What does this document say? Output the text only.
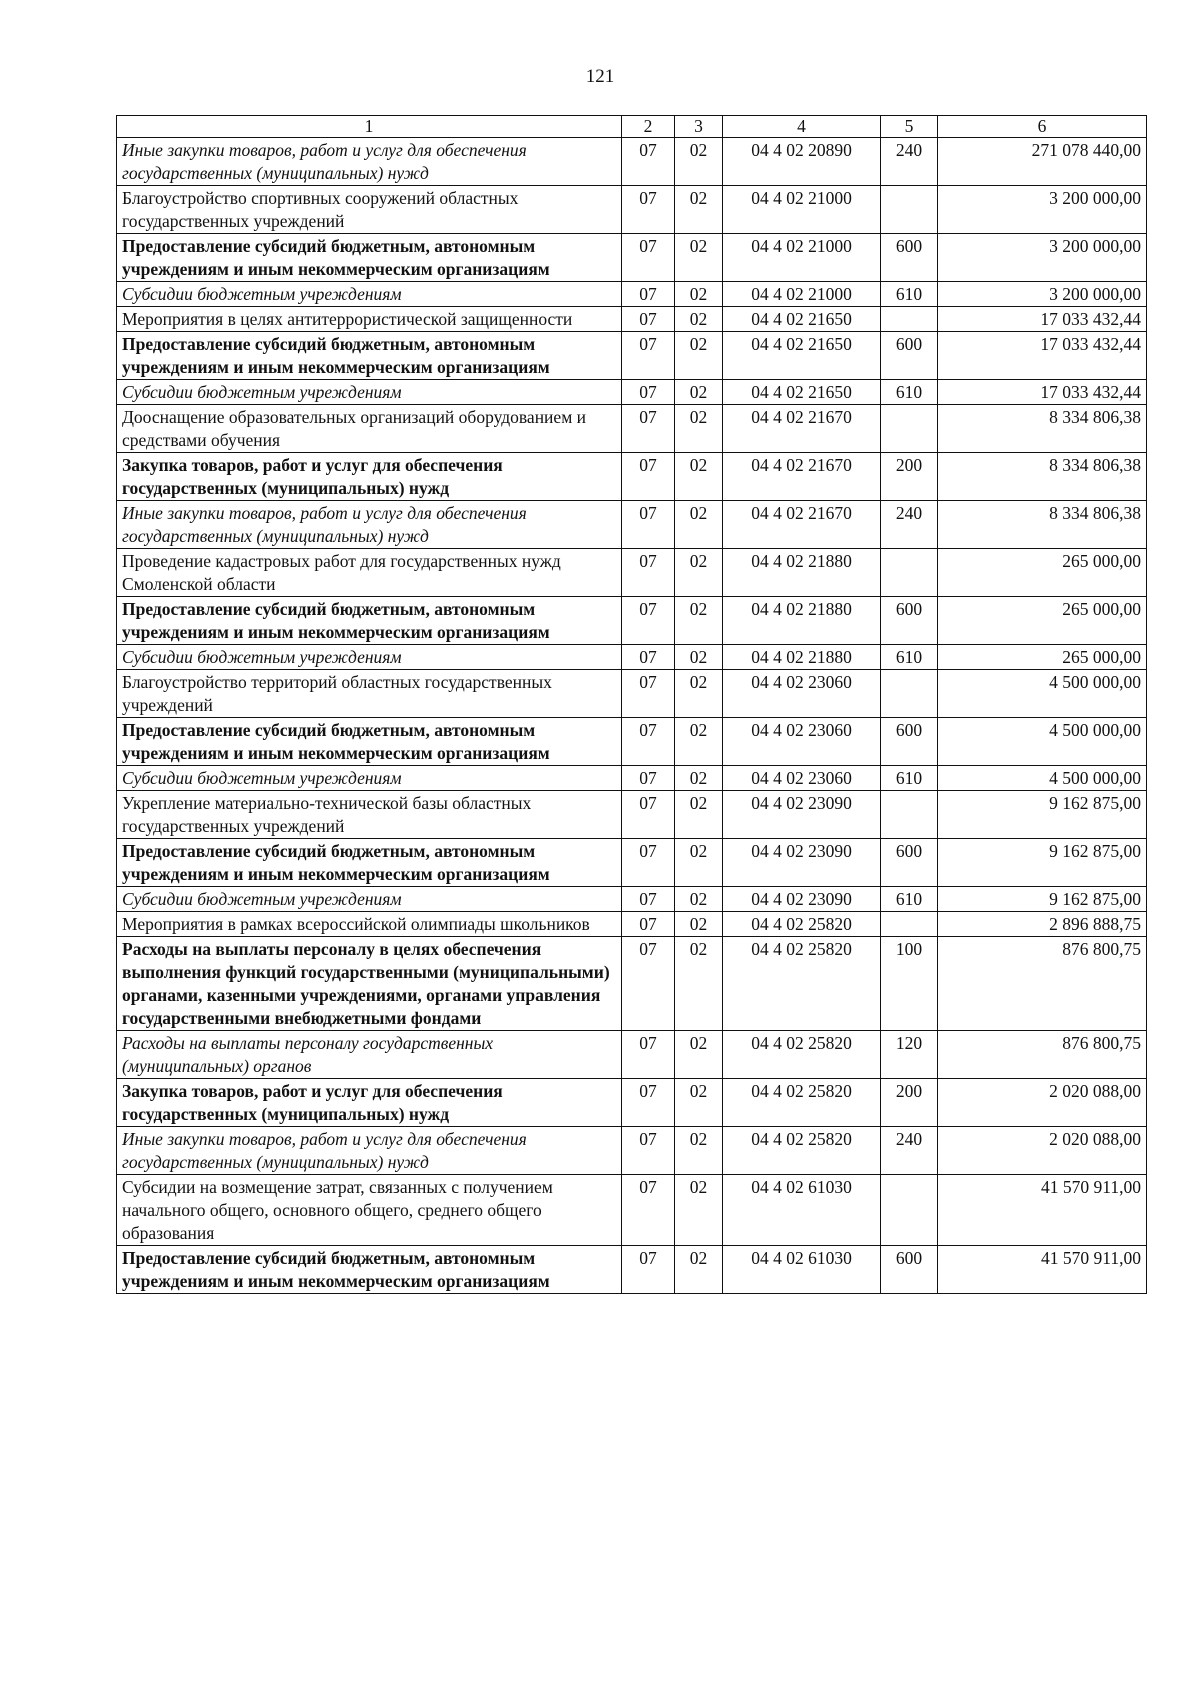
121
1	2	3	4	5	6
Иные закупки товаров, работ и услуг для обеспечения государственных (муниципальных) нужд	07	02	04 4 02 20890	240	271 078 440,00
Благоустройство спортивных сооружений областных государственных учреждений	07	02	04 4 02 21000		3 200 000,00
Предоставление субсидий бюджетным, автономным учреждениям и иным некоммерческим организациям	07	02	04 4 02 21000	600	3 200 000,00
Субсидии бюджетным учреждениям	07	02	04 4 02 21000	610	3 200 000,00
Мероприятия в целях антитеррористической защищенности	07	02	04 4 02 21650		17 033 432,44
Предоставление субсидий бюджетным, автономным учреждениям и иным некоммерческим организациям	07	02	04 4 02 21650	600	17 033 432,44
Субсидии бюджетным учреждениям	07	02	04 4 02 21650	610	17 033 432,44
Дооснащение образовательных организаций оборудованием и средствами обучения	07	02	04 4 02 21670		8 334 806,38
Закупка товаров, работ и услуг для обеспечения государственных (муниципальных) нужд	07	02	04 4 02 21670	200	8 334 806,38
Иные закупки товаров, работ и услуг для обеспечения государственных (муниципальных) нужд	07	02	04 4 02 21670	240	8 334 806,38
Проведение кадастровых работ для государственных нужд Смоленской области	07	02	04 4 02 21880		265 000,00
Предоставление субсидий бюджетным, автономным учреждениям и иным некоммерческим организациям	07	02	04 4 02 21880	600	265 000,00
Субсидии бюджетным учреждениям	07	02	04 4 02 21880	610	265 000,00
Благоустройство территорий областных государственных учреждений	07	02	04 4 02 23060		4 500 000,00
Предоставление субсидий бюджетным, автономным учреждениям и иным некоммерческим организациям	07	02	04 4 02 23060	600	4 500 000,00
Субсидии бюджетным учреждениям	07	02	04 4 02 23060	610	4 500 000,00
Укрепление материально-технической базы областных государственных учреждений	07	02	04 4 02 23090		9 162 875,00
Предоставление субсидий бюджетным, автономным учреждениям и иным некоммерческим организациям	07	02	04 4 02 23090	600	9 162 875,00
Субсидии бюджетным учреждениям	07	02	04 4 02 23090	610	9 162 875,00
Мероприятия в рамках всероссийской олимпиады школьников	07	02	04 4 02 25820		2 896 888,75
Расходы на выплаты персоналу в целях обеспечения выполнения функций государственными (муниципальными) органами, казенными учреждениями, органами управления государственными внебюджетными фондами	07	02	04 4 02 25820	100	876 800,75
Расходы на выплаты персоналу государственных (муниципальных) органов	07	02	04 4 02 25820	120	876 800,75
Закупка товаров, работ и услуг для обеспечения государственных (муниципальных) нужд	07	02	04 4 02 25820	200	2 020 088,00
Иные закупки товаров, работ и услуг для обеспечения государственных (муниципальных) нужд	07	02	04 4 02 25820	240	2 020 088,00
Субсидии на возмещение затрат, связанных с получением начального общего, основного общего, среднего общего образования	07	02	04 4 02 61030		41 570 911,00
Предоставление субсидий бюджетным, автономным учреждениям и иным некоммерческим организациям	07	02	04 4 02 61030	600	41 570 911,00
